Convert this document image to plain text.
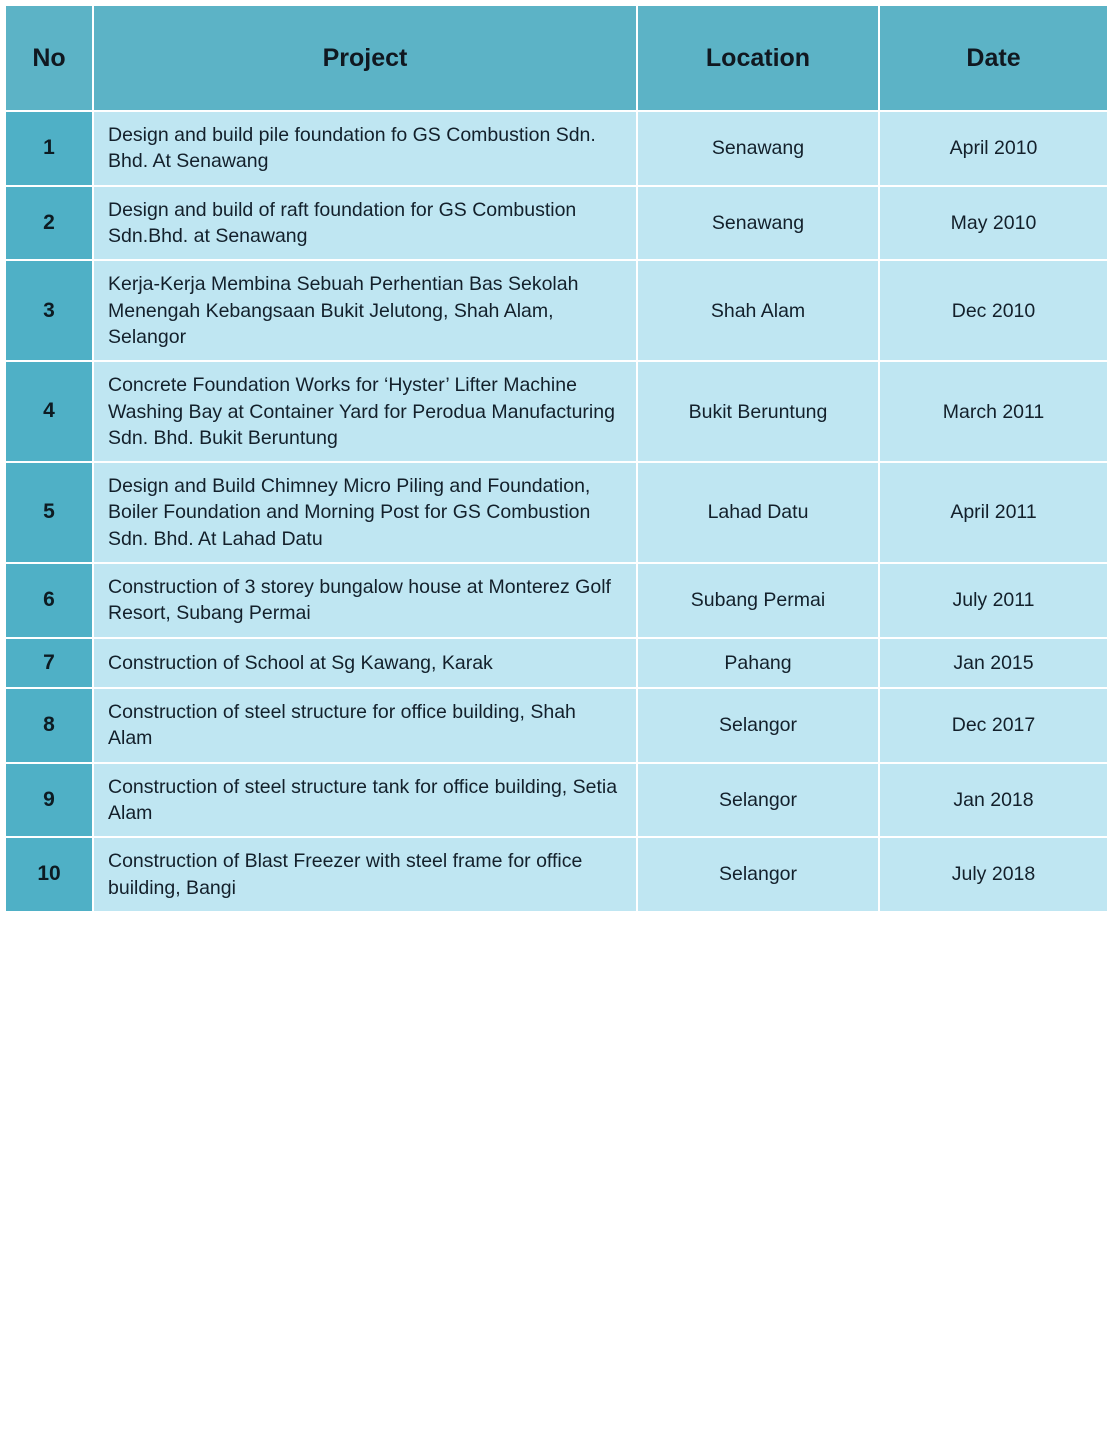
No	Project	Location	Date
1	Design and build pile foundation fo GS Combustion Sdn. Bhd. At Senawang	Senawang	April 2010
2	Design and build of raft foundation for GS Combustion Sdn.Bhd. at Senawang	Senawang	May 2010
3	Kerja-Kerja Membina Sebuah Perhentian Bas Sekolah Menengah Kebangsaan Bukit Jelutong, Shah Alam, Selangor	Shah Alam	Dec 2010
4	Concrete Foundation Works for ‘Hyster’ Lifter Machine Washing Bay at Container Yard for Perodua Manufacturing Sdn. Bhd. Bukit Beruntung	Bukit Beruntung	March 2011
5	Design and Build Chimney Micro Piling and Foundation, Boiler Foundation and Morning Post for GS Combustion Sdn. Bhd. At Lahad Datu	Lahad Datu	April 2011
6	Construction of 3 storey bungalow house at Monterez Golf Resort, Subang Permai	Subang Permai	July 2011
7	Construction of School at Sg Kawang, Karak	Pahang	Jan 2015
8	Construction of steel structure for office building, Shah Alam	Selangor	Dec 2017
9	Construction of steel structure tank for office building, Setia Alam	Selangor	Jan 2018
10	Construction of Blast Freezer with steel frame for office building, Bangi	Selangor	July 2018
